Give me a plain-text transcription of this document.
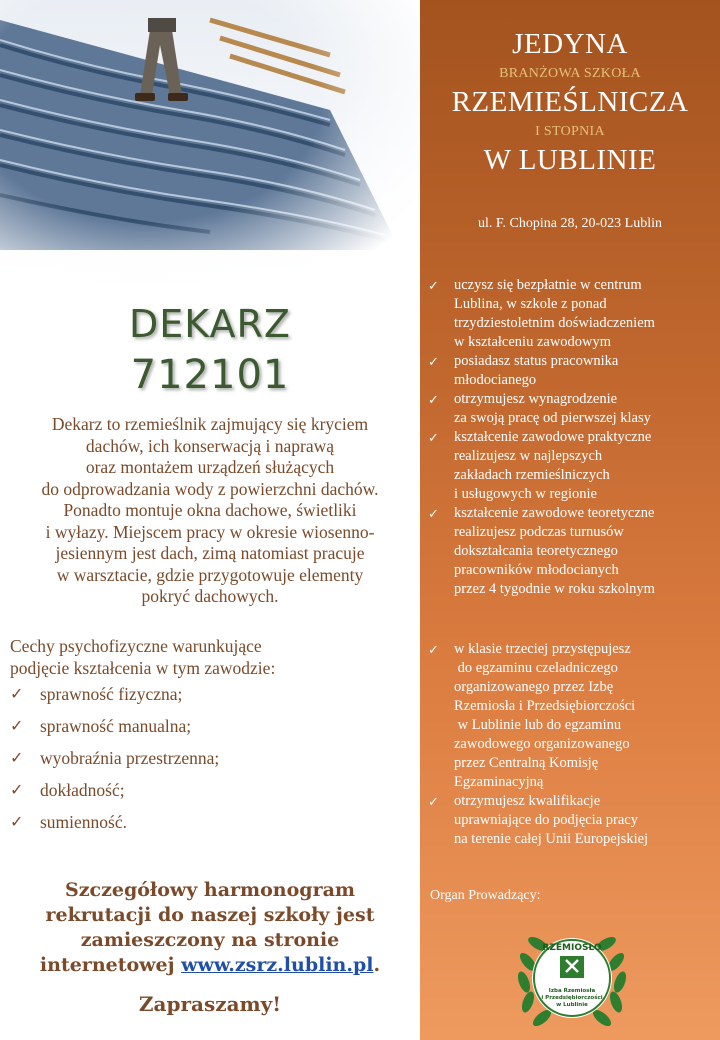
DEKARZ
712101
Dekarz to rzemieślnik zajmujący się kryciem
dachów, ich konserwacją i naprawą
oraz montażem urządzeń służących
do odprowadzania wody z powierzchni dachów.
Ponadto montuje okna dachowe, świetliki
i wyłazy. Miejscem pracy w okresie wiosenno-
jesiennym jest dach, zimą natomiast pracuje
w warsztacie, gdzie przygotowuje elementy
pokryć dachowych.
Cechy psychofizyczne warunkujące
podjęcie kształcenia w tym zawodzie:
✓ sprawność fizyczna;
✓ sprawność manualna;
✓ wyobraźnia przestrzenna;
✓ dokładność;
✓ sumienność.
Szczegółowy harmonogram
rekrutacji do naszej szkoły jest
zamieszczony na stronie
internetowej www.zsrz.lublin.pl.
Zapraszamy!
JEDYNA
BRANŻOWA SZKOŁA
RZEMIEŚLNICZA
I STOPNIA
W LUBLINIE
ul. F. Chopina 28, 20-023 Lublin
✓	uczysz się bezpłatnie w centrum
Lublina, w szkole z ponad
trzydziestoletnim doświadczeniem
w kształceniu zawodowym
✓	posiadasz status pracownika
młodocianego
✓	otrzymujesz wynagrodzenie
za swoją pracę od pierwszej klasy
✓	kształcenie zawodowe praktyczne
realizujesz w najlepszych
zakładach rzemieślniczych
i usługowych w regionie
✓	kształcenie zawodowe teoretyczne
realizujesz podczas turnusów
dokształcania teoretycznego
pracowników młodocianych
przez 4 tygodnie w roku szkolnym
✓	w klasie trzeciej przystępujesz
do egzaminu czeladniczego
organizowanego przez Izbę
Rzemiosła i Przedsiębiorczości
w Lublinie lub do egzaminu
zawodowego organizowanego
przez Centralną Komisję
Egzaminacyjną
✓	otrzymujesz kwalifikacje
uprawniające do podjęcia pracy
na terenie całej Unii Europejskiej
Organ Prowadzący:
RZEMIOSŁO
Izba Rzemiosła
i Przedsiębiorczości
w Lublinie
